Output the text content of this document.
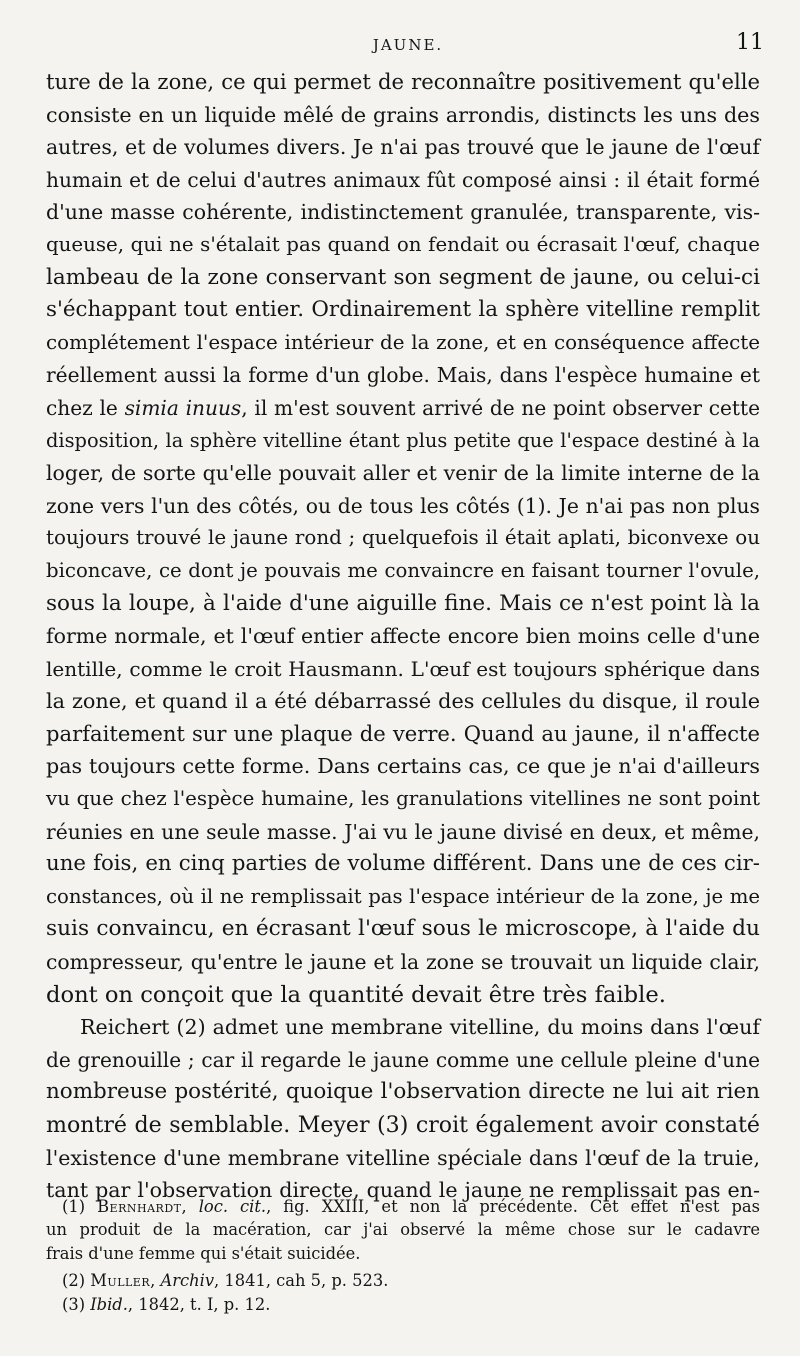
JAUNE.	11
ture de la zone, ce qui permet de reconnaître positivement qu'elle
consiste en un liquide mêlé de grains arrondis, distincts les uns des
autres, et de volumes divers. Je n'ai pas trouvé que le jaune de l'œuf
humain et de celui d'autres animaux fût composé ainsi : il était formé
d'une masse cohérente, indistinctement granulée, transparente, vis-
queuse, qui ne s'étalait pas quand on fendait ou écrasait l'œuf, chaque
lambeau de la zone conservant son segment de jaune, ou celui-ci
s'échappant tout entier. Ordinairement la sphère vitelline remplit
complétement l'espace intérieur de la zone, et en conséquence affecte
réellement aussi la forme d'un globe. Mais, dans l'espèce humaine et
chez le simia inuus, il m'est souvent arrivé de ne point observer cette
disposition, la sphère vitelline étant plus petite que l'espace destiné à la
loger, de sorte qu'elle pouvait aller et venir de la limite interne de la
zone vers l'un des côtés, ou de tous les côtés (1). Je n'ai pas non plus
toujours trouvé le jaune rond ; quelquefois il était aplati, biconvexe ou
biconcave, ce dont je pouvais me convaincre en faisant tourner l'ovule,
sous la loupe, à l'aide d'une aiguille fine. Mais ce n'est point là la
forme normale, et l'œuf entier affecte encore bien moins celle d'une
lentille, comme le croit Hausmann. L'œuf est toujours sphérique dans
la zone, et quand il a été débarrassé des cellules du disque, il roule
parfaitement sur une plaque de verre. Quand au jaune, il n'affecte
pas toujours cette forme. Dans certains cas, ce que je n'ai d'ailleurs
vu que chez l'espèce humaine, les granulations vitellines ne sont point
réunies en une seule masse. J'ai vu le jaune divisé en deux, et même,
une fois, en cinq parties de volume différent. Dans une de ces cir-
constances, où il ne remplissait pas l'espace intérieur de la zone, je me
suis convaincu, en écrasant l'œuf sous le microscope, à l'aide du
compresseur, qu'entre le jaune et la zone se trouvait un liquide clair,
dont on conçoit que la quantité devait être très faible.
Reichert (2) admet une membrane vitelline, du moins dans l'œuf
de grenouille ; car il regarde le jaune comme une cellule pleine d'une
nombreuse postérité, quoique l'observation directe ne lui ait rien
montré de semblable. Meyer (3) croit également avoir constaté
l'existence d'une membrane vitelline spéciale dans l'œuf de la truie,
tant par l'observation directe, quand le jaune ne remplissait pas en-
(1) Bernhardt, loc. cit., fig. XXIII, et non la précédente. Cet effet n'est pas
un produit de la macération, car j'ai observé la même chose sur le cadavre
frais d'une femme qui s'était suicidée.
(2) Muller, Archiv, 1841, cah 5, p. 523.
(3) Ibid., 1842, t. I, p. 12.
